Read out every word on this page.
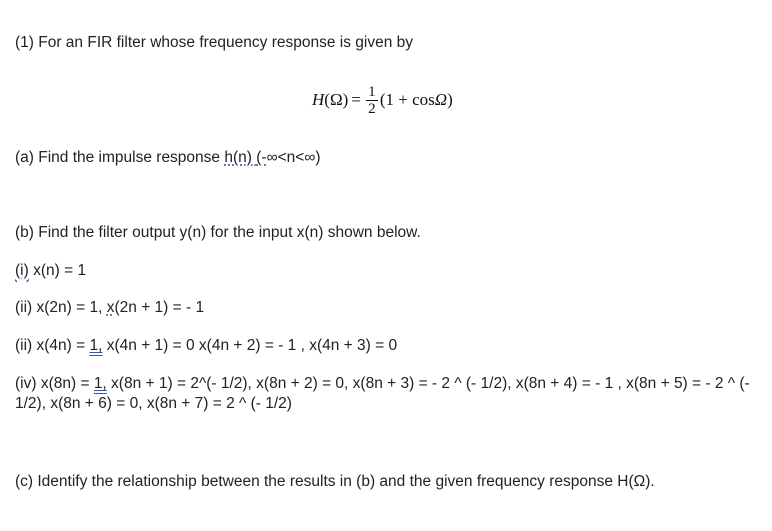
(1) For an FIR filter whose frequency response is given by
H $(\Omega) = \frac{1}{2} (1 + \cos \Omega$ )
(a) Find the impulse response h(n) (-∞<n<∞)
(b) Find the filter output y(n) for the input x(n) shown below.
(i) x(n) = 1
(ii) x(2n) = 1, x(2n + 1) = - 1
(ii) x(4n) = 1, x(4n + 1) = 0 x(4n + 2) = - 1 , x(4n + 3) = 0
(iv) x(8n) = 1, x(8n + 1) = 2^(- 1/2), x(8n + 2) = 0, x(8n + 3) = - 2 ^ (- 1/2), x(8n + 4) = - 1 , x(8n + 5) = - 2 ^ (- 1/2), x(8n + 6) = 0, x(8n + 7) = 2 ^ (- 1/2)
(c) Identify the relationship between the results in (b) and the given frequency response H(Ω).
